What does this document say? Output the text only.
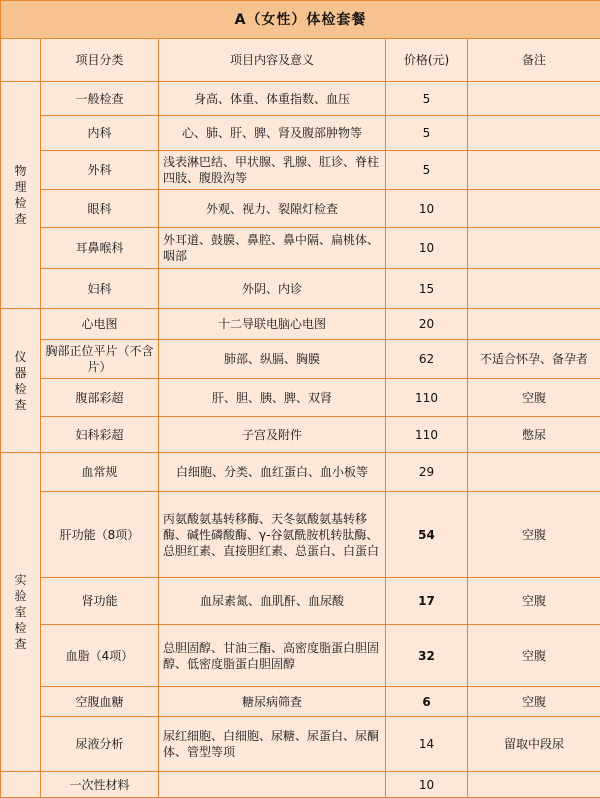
A（女性）体检套餐				
	项目分类	项目内容及意义	价格(元)	备注

物
理
检
查	一般检查	身高、体重、体重指数、血压	5	
	内科	心、肺、肝、脾、肾及腹部肿物等	5	
	外科	浅表淋巴结、甲状腺、乳腺、肛诊、脊柱四肢、腹股沟等	5	
	眼科	外观、视力、裂隙灯检查	10	
	耳鼻喉科	外耳道、鼓膜、鼻腔、鼻中隔、扁桃体、咽部	10	
	妇科	外阴、内诊	15	

仪
器
检
查	心电图	十二导联电脑心电图	20	
	胸部正位平片（不含片）	肺部、纵膈、胸膜	62	不适合怀孕、备孕者
	腹部彩超	肝、胆、胰、脾、双肾	110	空腹
	妇科彩超	子宫及附件	110	憋尿

实
验
室
检
查	血常规	白细胞、分类、血红蛋白、血小板等	29	
	肝功能（8项）	丙氨酸氨基转移酶、天冬氨酸氨基转移酶、碱性磷酸酶、γ-谷氨酰胺机转肽酶、总胆红素、直接胆红素、总蛋白、白蛋白	54	空腹
	肾功能	血尿素氮、血肌酐、血尿酸	17	空腹
	血脂（4项）	总胆固醇、甘油三酯、高密度脂蛋白胆固醇、低密度脂蛋白胆固醇	32	空腹
	空腹血糖	糖尿病筛查	6	空腹
	尿液分析	尿红细胞、白细胞、尿糖、尿蛋白、尿酮体、管型等项	14	留取中段尿
	一次性材料		10	
